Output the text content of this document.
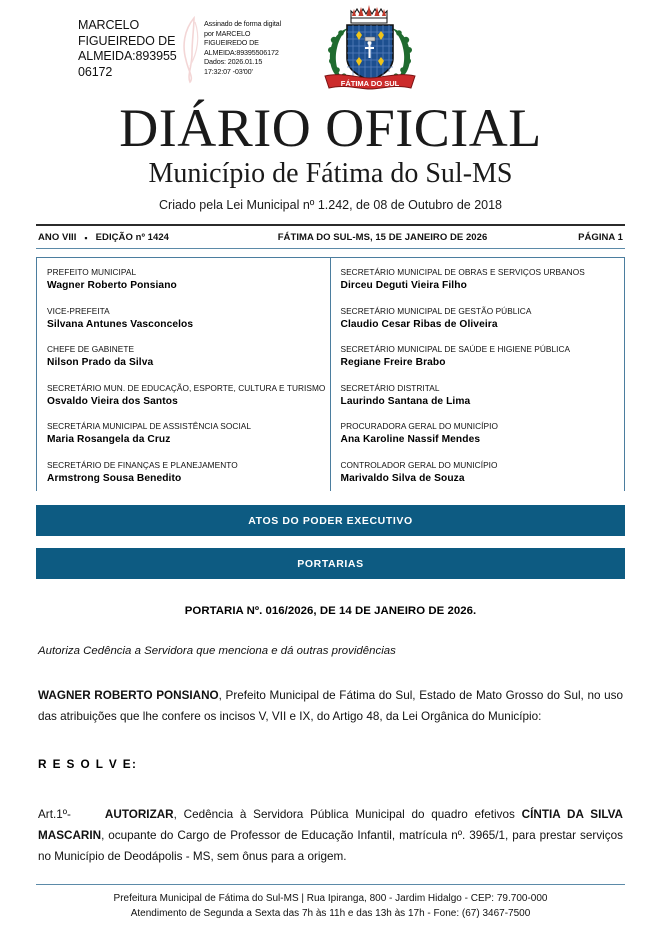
MARCELO FIGUEIREDO DE ALMEIDA:893955 06172
Assinado de forma digital
por MARCELO
FIGUEIREDO DE
ALMEIDA:89395506172
Dados: 2026.01.15
17:32:07 -03'00'
FÁTIMA DO SUL
DIÁRIO OFICIAL
Município de Fátima do Sul-MS
Criado pela Lei Municipal nº 1.242, de 08 de Outubro de 2018
ANO VIII ▪ EDIÇÃO nº 1424	FÁTIMA DO SUL-MS, 15 DE JANEIRO DE 2026	PÁGINA 1
PREFEITO MUNICIPAL
Wagner Roberto Ponsiano
VICE-PREFEITA
Silvana Antunes Vasconcelos
CHEFE DE GABINETE
Nilson Prado da Silva
SECRETÁRIO MUN. DE EDUCAÇÃO, ESPORTE, CULTURA E TURISMO
Osvaldo Vieira dos Santos
SECRETÁRIA MUNICIPAL DE ASSISTÊNCIA SOCIAL
Maria Rosangela da Cruz
SECRETÁRIO DE FINANÇAS E PLANEJAMENTO
Armstrong Sousa Benedito
SECRETÁRIO MUNICIPAL DE OBRAS E SERVIÇOS URBANOS
Dirceu Deguti Vieira Filho
SECRETÁRIO MUNICIPAL DE GESTÃO PÚBLICA
Claudio Cesar Ribas de Oliveira
SECRETÁRIO MUNICIPAL DE SAÚDE E HIGIENE PÚBLICA
Regiane Freire Brabo
SECRETÁRIO DISTRITAL
Laurindo Santana de Lima
PROCURADORA GERAL DO MUNICÍPIO
Ana Karoline Nassif Mendes
CONTROLADOR GERAL DO MUNICÍPIO
Marivaldo Silva de Souza
ATOS DO PODER EXECUTIVO
PORTARIAS
PORTARIA Nº. 016/2026, DE 14 DE JANEIRO DE 2026.
Autoriza Cedência a Servidora que menciona e dá outras providências
WAGNER ROBERTO PONSIANO, Prefeito Municipal de Fátima do Sul, Estado de Mato Grosso do Sul, no uso das atribuições que lhe confere os incisos V, VII e IX, do Artigo 48, da Lei Orgânica do Município:
R E S O L V E:
Art.1º-	AUTORIZAR, Cedência à Servidora Pública Municipal do quadro efetivos CÍNTIA DA SILVA MASCARIN, ocupante do Cargo de Professor de Educação Infantil, matrícula nº. 3965/1, para prestar serviços no Município de Deodápolis - MS, sem ônus para a origem.
Prefeitura Municipal de Fátima do Sul-MS | Rua Ipiranga, 800 - Jardim Hidalgo - CEP: 79.700-000
Atendimento de Segunda a Sexta das 7h às 11h e das 13h às 17h - Fone: (67) 3467-7500
